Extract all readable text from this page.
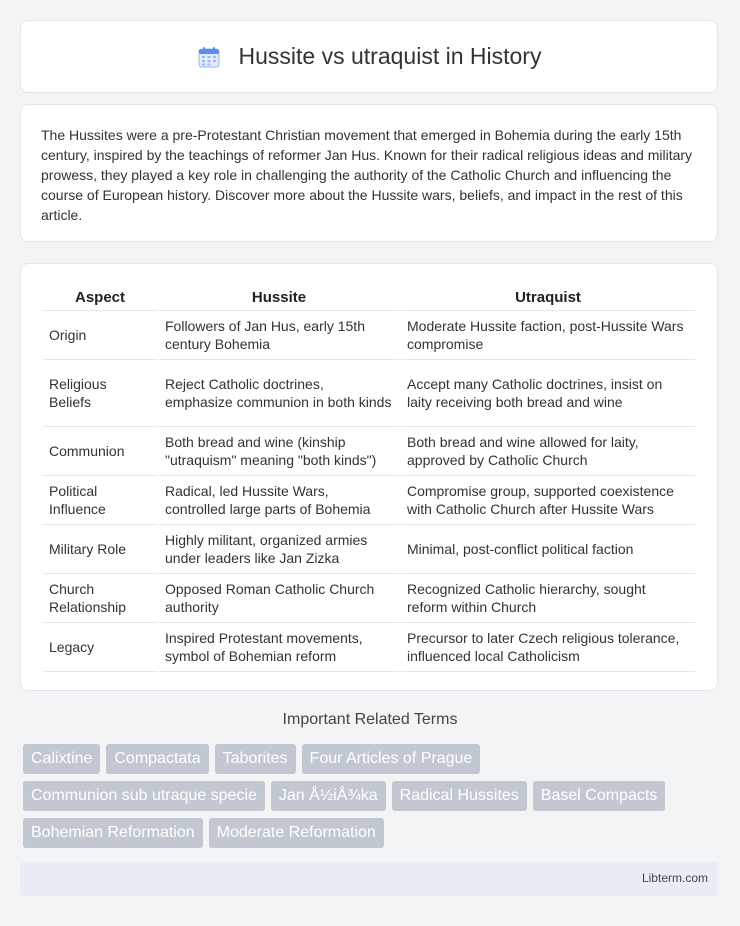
Hussite vs utraquist in History

The Hussites were a pre-Protestant Christian movement that emerged in Bohemia during the early 15th century, inspired by the teachings of reformer Jan Hus. Known for their radical religious ideas and military prowess, they played a key role in challenging the authority of the Catholic Church and influencing the course of European history. Discover more about the Hussite wars, beliefs, and impact in the rest of this article.

Aspect	Hussite	Utraquist
Origin	Followers of Jan Hus, early 15th century Bohemia	Moderate Hussite faction, post-Hussite Wars compromise
Religious Beliefs	Reject Catholic doctrines, emphasize communion in both kinds	Accept many Catholic doctrines, insist on laity receiving both bread and wine
Communion	Both bread and wine (kinship "utraquism" meaning "both kinds")	Both bread and wine allowed for laity, approved by Catholic Church
Political Influence	Radical, led Hussite Wars, controlled large parts of Bohemia	Compromise group, supported coexistence with Catholic Church after Hussite Wars
Military Role	Highly militant, organized armies under leaders like Jan Zizka	Minimal, post-conflict political faction
Church Relationship	Opposed Roman Catholic Church authority	Recognized Catholic hierarchy, sought reform within Church
Legacy	Inspired Protestant movements, symbol of Bohemian reform	Precursor to later Czech religious tolerance, influenced local Catholicism
Important Related Terms
Calixtine	Compactata	Taborites	Four Articles of Prague
Communion sub utraque specie	Jan Å½iÅ¾ka	Radical Hussites	Basel Compacts
Bohemian Reformation	Moderate Reformation
Libterm.com
